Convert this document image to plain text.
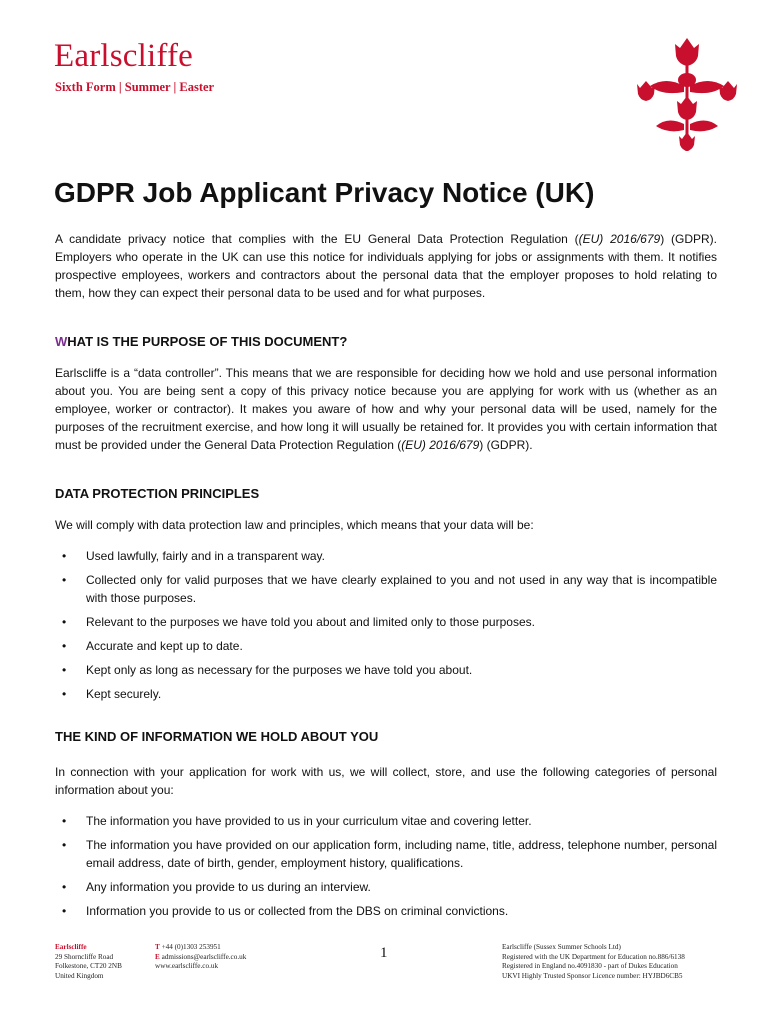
Earlscliffe
Sixth Form | Summer | Easter
GDPR Job Applicant Privacy Notice (UK)

A candidate privacy notice that complies with the EU General Data Protection Regulation ((EU) 2016/679) (GDPR). Employers who operate in the UK can use this notice for individuals applying for jobs or assignments with them. It notifies prospective employees, workers and contractors about the personal data that the employer proposes to hold relating to them, how they can expect their personal data to be used and for what purposes.

WHAT IS THE PURPOSE OF THIS DOCUMENT?

Earlscliffe is a “data controller”. This means that we are responsible for deciding how we hold and use personal information about you. You are being sent a copy of this privacy notice because you are applying for work with us (whether as an employee, worker or contractor). It makes you aware of how and why your personal data will be used, namely for the purposes of the recruitment exercise, and how long it will usually be retained for. It provides you with certain information that must be provided under the General Data Protection Regulation ((EU) 2016/679) (GDPR).

DATA PROTECTION PRINCIPLES

We will comply with data protection law and principles, which means that your data will be:

• Used lawfully, fairly and in a transparent way.
• Collected only for valid purposes that we have clearly explained to you and not used in any way that is incompatible with those purposes.
• Relevant to the purposes we have told you about and limited only to those purposes.
• Accurate and kept up to date.
• Kept only as long as necessary for the purposes we have told you about.
• Kept securely.
THE KIND OF INFORMATION WE HOLD ABOUT YOU

In connection with your application for work with us, we will collect, store, and use the following categories of personal information about you:

• The information you have provided to us in your curriculum vitae and covering letter.
• The information you have provided on our application form, including name, title, address, telephone number, personal email address, date of birth, gender, employment history, qualifications.
• Any information you provide to us during an interview.
• Information you provide to us or collected from the DBS on criminal convictions.
Earlscliffe
29 Shorncliffe Road
Folkestone, CT20 2NB
United Kingdom
T +44 (0)1303 253951
E admissions@earlscliffe.co.uk
www.earlscliffe.co.uk
1	Earlscliffe (Sussex Summer Schools Ltd)
Registered with the UK Department for Education no.886/6138
Registered in England no.4091830 - part of Dukes Education
UKVI Highly Trusted Sponsor Licence number: HYJBD6CB5
